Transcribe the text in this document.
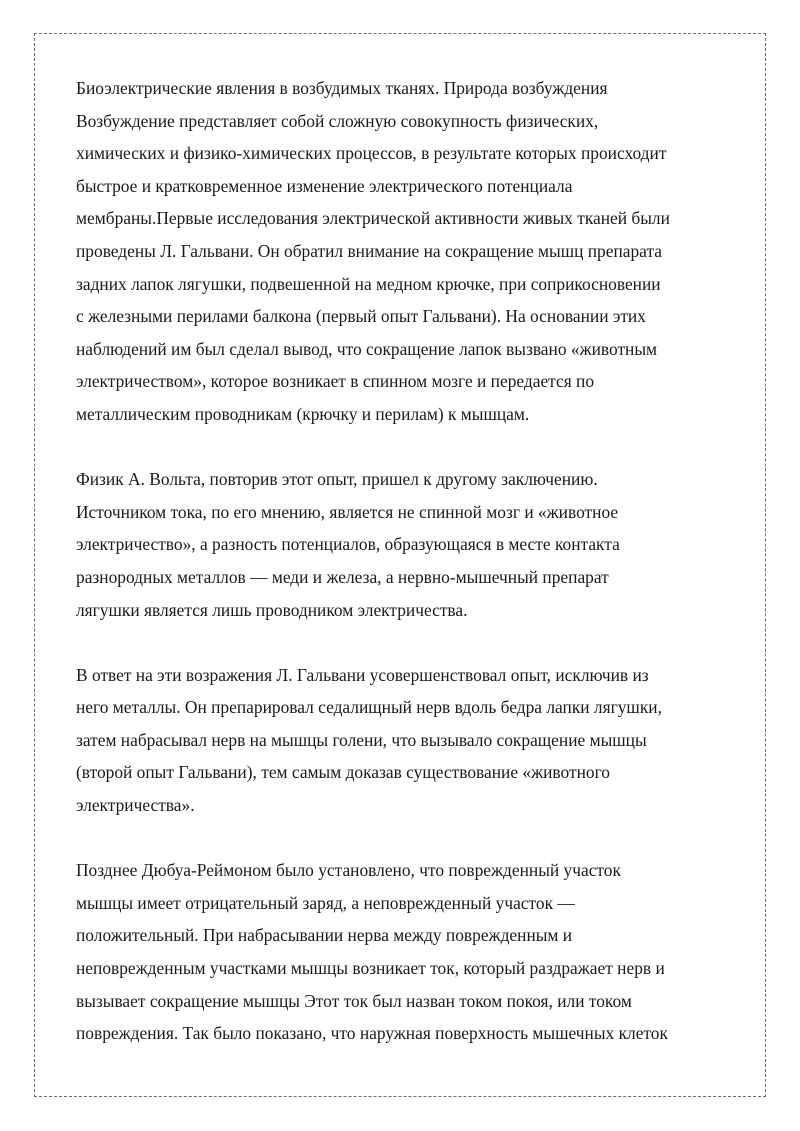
Биоэлектрические явления в возбудимых тканях. Природа возбуждения
Возбуждение представляет собой сложную совокупность физических,
химических и физико-химических процессов, в результате которых происходит
быстрое и кратковременное изменение электрического потенциала
мембраны.Первые исследования электрической активности живых тканей были
проведены Л. Гальвани. Он обратил внимание на сокращение мышц препарата
задних лапок лягушки, подвешенной на медном крючке, при соприкосновении
с железными перилами балкона (первый опыт Гальвани). На основании этих
наблюдений им был сделал вывод, что сокращение лапок вызвано «животным
электричеством», которое возникает в спинном мозге и передается по
металлическим проводникам (крючку и перилам) к мышцам.

Физик А. Вольта, повторив этот опыт, пришел к другому заключению.
Источником тока, по его мнению, является не спинной мозг и «животное
электричество», а разность потенциалов, образующаяся в месте контакта
разнородных металлов — меди и железа, а нервно-мышечный препарат
лягушки является лишь проводником электричества.

В ответ на эти возражения Л. Гальвани усовершенствовал опыт, исключив из
него металлы. Он препарировал седалищный нерв вдоль бедра лапки лягушки,
затем набрасывал нерв на мышцы голени, что вызывало сокращение мышцы
(второй опыт Гальвани), тем самым доказав существование «животного
электричества».

Позднее Дюбуа-Реймоном было установлено, что поврежденный участок
мышцы имеет отрицательный заряд, а неповрежденный участок —
положительный. При набрасывании нерва между поврежденным и
неповрежденным участками мышцы возникает ток, который раздражает нерв и
вызывает сокращение мышцы Этот ток был назван током покоя, или током
повреждения. Так было показано, что наружная поверхность мышечных клеток
